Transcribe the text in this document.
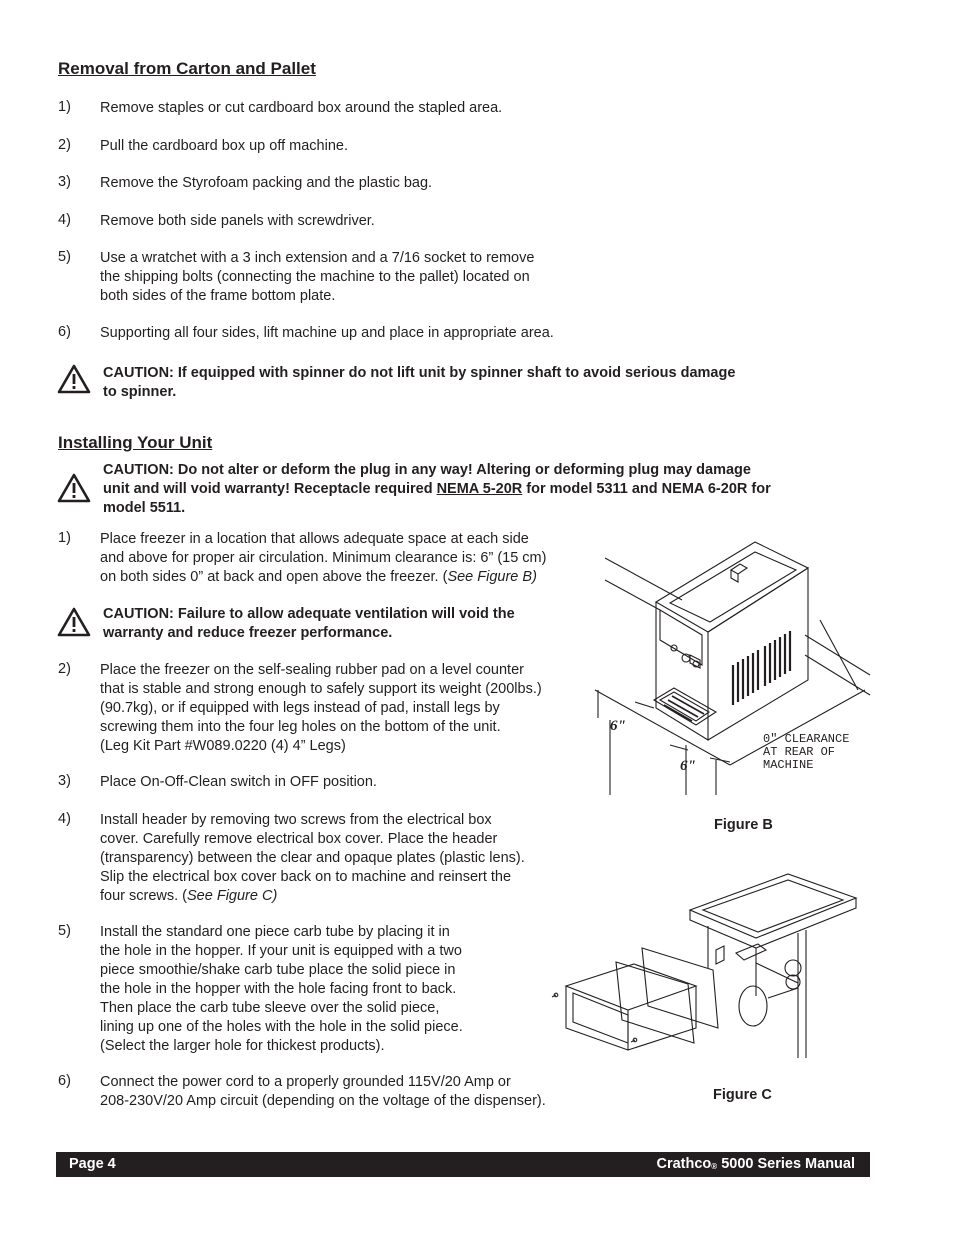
Removal from Carton and Pallet
1) Remove staples or cut cardboard box around the stapled area.
2) Pull the cardboard box up off machine.
3) Remove the Styrofoam packing and the plastic bag.
4) Remove both side panels with screwdriver.
5) Use a wratchet with a 3 inch extension and a 7/16 socket to remove
the shipping bolts (connecting the machine to the pallet) located on
both sides of the frame bottom plate.
6) Supporting all four sides, lift machine up and place in appropriate area.
CAUTION: If equipped with spinner do not lift unit by spinner shaft to avoid serious damage
to spinner.
Installing Your Unit
CAUTION: Do not alter or deform the plug in any way! Altering or deforming plug may damage
unit and will void warranty! Receptacle required NEMA 5-20R for model 5311 and NEMA 6-20R for
model 5511.
1) Place freezer in a location that allows adequate space at each side
and above for proper air circulation. Minimum clearance is: 6” (15 cm)
on both sides 0” at back and open above the freezer. (See Figure B)
CAUTION: Failure to allow adequate ventilation will void the
warranty and reduce freezer performance.
2) Place the freezer on the self-sealing rubber pad on a level counter
that is stable and strong enough to safely support its weight (200lbs.)
(90.7kg), or if equipped with legs instead of pad, install legs by
screwing them into the four leg holes on the bottom of the unit.
(Leg Kit Part #W089.0220 (4) 4” Legs)
3) Place On-Off-Clean switch in OFF position.
4) Install header by removing two screws from the electrical box
cover. Carefully remove electrical box cover. Place the header
(transparency) between the clear and opaque plates (plastic lens).
Slip the electrical box cover back on to machine and reinsert the
four screws. (See Figure C)
5) Install the standard one piece carb tube by placing it in
the hole in the hopper. If your unit is equipped with a two
piece smoothie/shake carb tube place the solid piece in
the hole in the hopper with the hole facing front to back.
Then place the carb tube sleeve over the solid piece,
lining up one of the holes with the hole in the solid piece.
(Select the larger hole for thickest products).
6) Connect the power cord to a properly grounded 115V/20 Amp or
208-230V/20 Amp circuit (depending on the voltage of the dispenser).
6"
6"
0" CLEARANCE
AT REAR OF
MACHINE
Figure B
Figure C
Page 4	Crathco® 5000 Series Manual
